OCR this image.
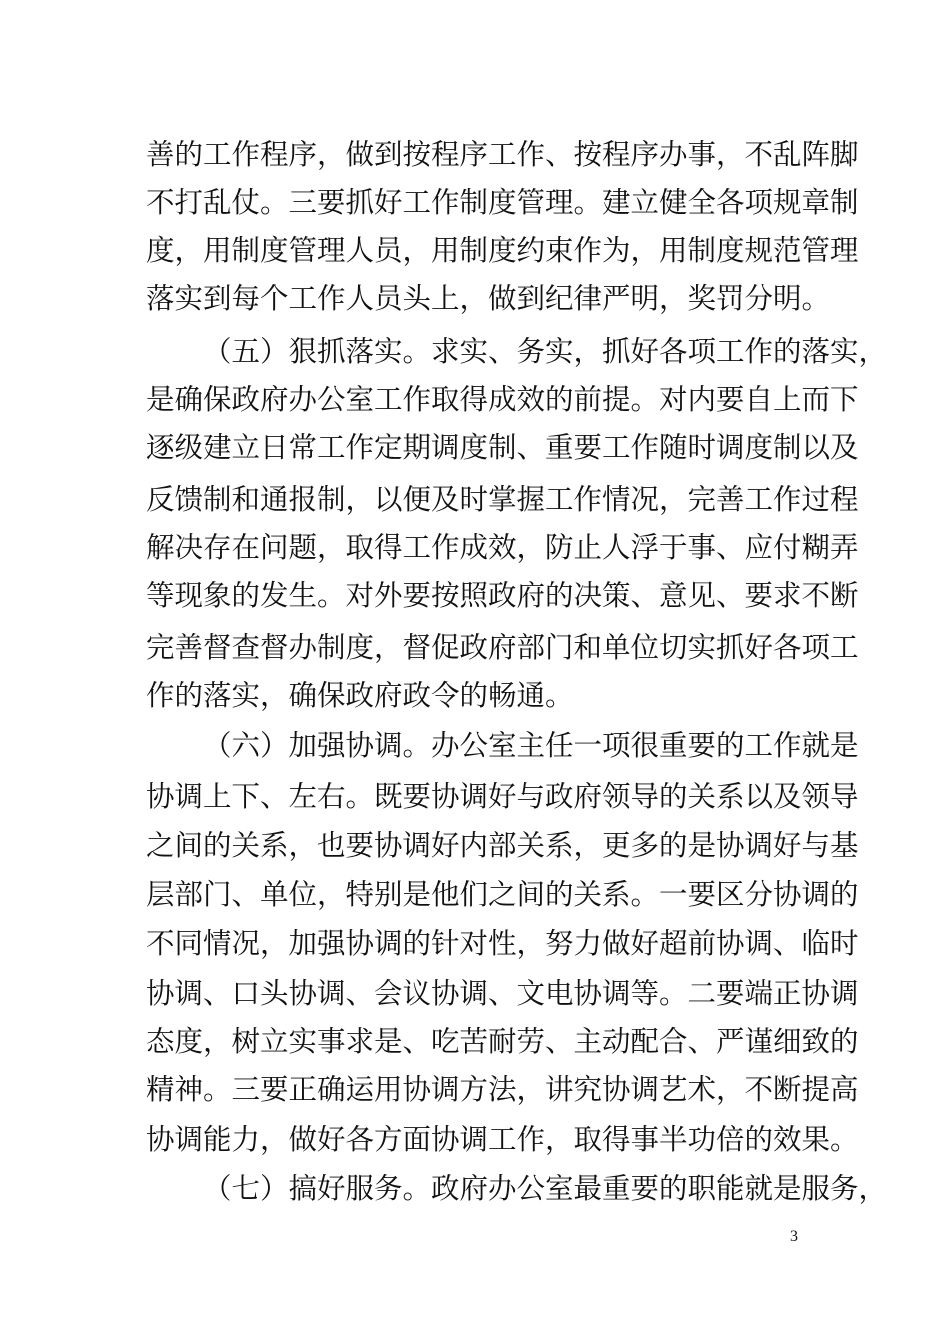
善的工作程序，做到按程序工作、按程序办事，不乱阵脚
不打乱仗。三要抓好工作制度管理。建立健全各项规章制
度，用制度管理人员，用制度约束作为，用制度规范管理
落实到每个工作人员头上，做到纪律严明，奖罚分明。
（五）狠抓落实。求实、务实，抓好各项工作的落实，
是确保政府办公室工作取得成效的前提。对内要自上而下
逐级建立日常工作定期调度制、重要工作随时调度制以及
反馈制和通报制，以便及时掌握工作情况，完善工作过程
解决存在问题，取得工作成效，防止人浮于事、应付糊弄
等现象的发生。对外要按照政府的决策、意见、要求不断
完善督查督办制度，督促政府部门和单位切实抓好各项工
作的落实，确保政府政令的畅通。
（六）加强协调。办公室主任一项很重要的工作就是
协调上下、左右。既要协调好与政府领导的关系以及领导
之间的关系，也要协调好内部关系，更多的是协调好与基
层部门、单位，特别是他们之间的关系。一要区分协调的
不同情况，加强协调的针对性，努力做好超前协调、临时
协调、口头协调、会议协调、文电协调等。二要端正协调
态度，树立实事求是、吃苦耐劳、主动配合、严谨细致的
精神。三要正确运用协调方法，讲究协调艺术，不断提高
协调能力，做好各方面协调工作，取得事半功倍的效果。
（七）搞好服务。政府办公室最重要的职能就是服务，
3
